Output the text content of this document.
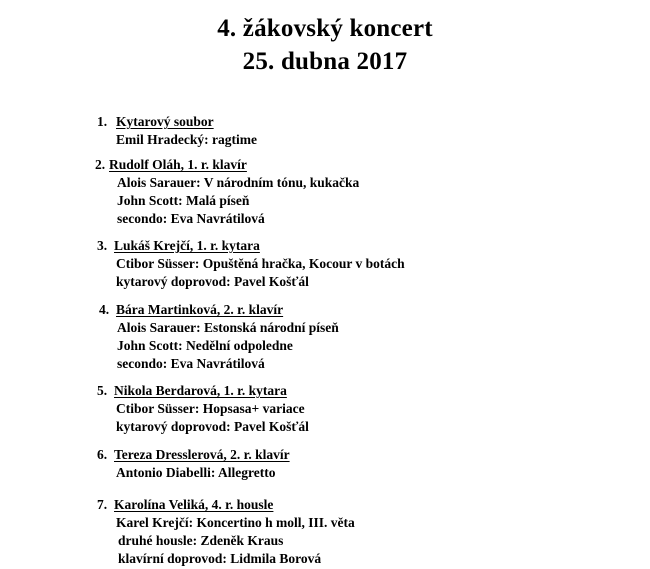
4. žákovský koncert
25. dubna 2017
1. Kytarový soubor
Emil Hradecký: ragtime
2. Rudolf Oláh, 1. r. klavír
Alois Sarauer: V národním tónu, kukačka
John Scott: Malá píseň
secondo: Eva Navrátilová
3. Lukáš Krejčí, 1. r. kytara
Ctibor Süsser: Opuštěná hračka, Kocour v botách
kytarový doprovod: Pavel Košťál
4. Bára Martinková, 2. r. klavír
Alois Sarauer: Estonská národní píseň
John Scott: Nedělní odpoledne
secondo: Eva Navrátilová
5. Nikola Berdarová, 1. r. kytara
Ctibor Süsser: Hopsasa+ variace
kytarový doprovod: Pavel Košťál
6. Tereza Dresslerová, 2. r. klavír
Antonio Diabelli: Allegretto
7. Karolína Veliká, 4. r. housle
Karel Krejčí: Koncertino h moll, III. věta
druhé housle: Zdeněk Kraus
klavírní doprovod: Lidmila Borová
